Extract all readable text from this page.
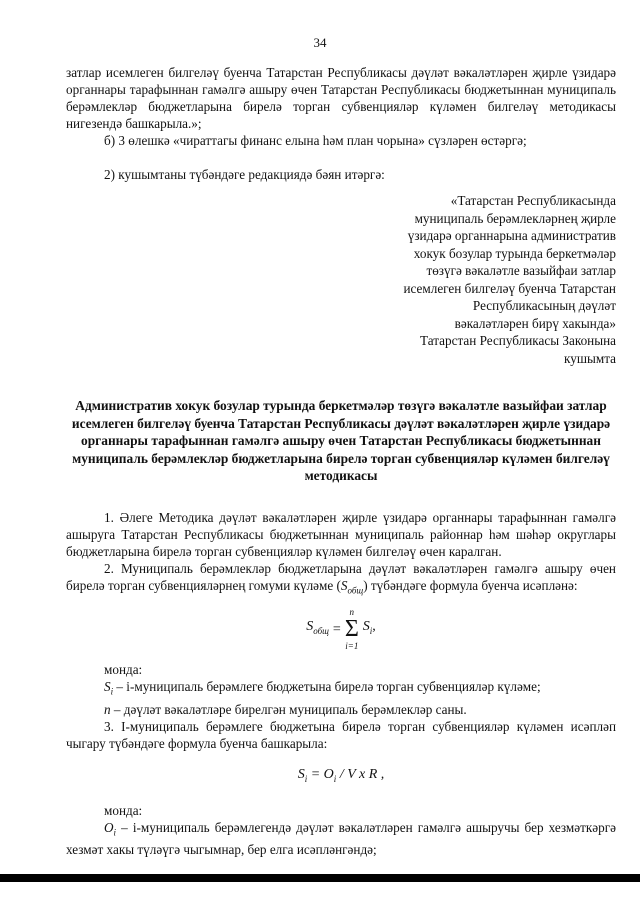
34

затлар исемлеген билгеләү буенча Татарстан Республикасы дәүләт вәкаләтләрен җирле үзидарә органнары тарафыннан гамәлгә ашыру өчен Татарстан Республикасы бюджетыннан муниципаль берәмлекләр бюджетларына бирелә торган субвенцияләр күләмен билгеләү методикасы нигезендә башкарыла.»;

б) 3 өлешкә «чираттагы финанс елына һәм план чорына» сүзләрен өстәргә;

2) кушымтаны түбәндәге редакциядә бәян итәргә:

«Татарстан Республикасында
муниципаль берәмлекләрнең җирле
үзидарә органнарына административ
хокук бозулар турында беркетмәләр
төзүгә вәкаләтле вазыйфаи затлар
исемлеген билгеләү буенча Татарстан
Республикасының дәүләт
вәкаләтләрен бирү хакында»
Татарстан Республикасы Законына
кушымта
Административ хокук бозулар турында беркетмәләр төзүгә вәкаләтле вазыйфаи затлар исемлеген билгеләү буенча Татарстан Республикасы дәүләт вәкаләтләрен җирле үзидарә органнары тарафыннан гамәлгә ашыру өчен Татарстан Республикасы бюджетыннан муниципаль берәмлекләр бюджетларына бирелә торган субвенцияләр күләмен билгеләү методикасы

1. Әлеге Методика дәүләт вәкаләтләрен җирле үзидарә органнары тарафыннан гамәлгә ашыруга Татарстан Республикасы бюджетыннан муниципаль районнар һәм шәһәр округлары бюджетларына бирелә торган субвенцияләр күләмен билгеләү өчен каралган.

2. Муниципаль берәмлекләр бюджетларына дәүләт вәкаләтләрен гамәлгә ашыру өчен бирелә торган субвенцияләрнең гомуми күләме $(S_{общ})$ түбәндәге формула буенча исәпләнә:

$S_{общ}$ =
n
Σ
i=1
$S_i$,

монда:

$S_i$ – i-муниципаль берәмлеге бюджетына бирелә торган субвенцияләр күләме;

n – дәүләт вәкаләтләре бирелгән муниципаль берәмлекләр саны.

3. I-муниципаль берәмлеге бюджетына бирелә торган субвенцияләр күләмен исәпләп чыгару түбәндәге формула буенча башкарыла:

$S_i = O_i / V$ х R ,

монда:

$O_i$ – i-муниципаль берәмлегендә дәүләт вәкаләтләрен гамәлгә ашыручы бер хезмәткәргә хезмәт хакы түләүгә чыгымнар, бер елга исәпләнгәндә;
